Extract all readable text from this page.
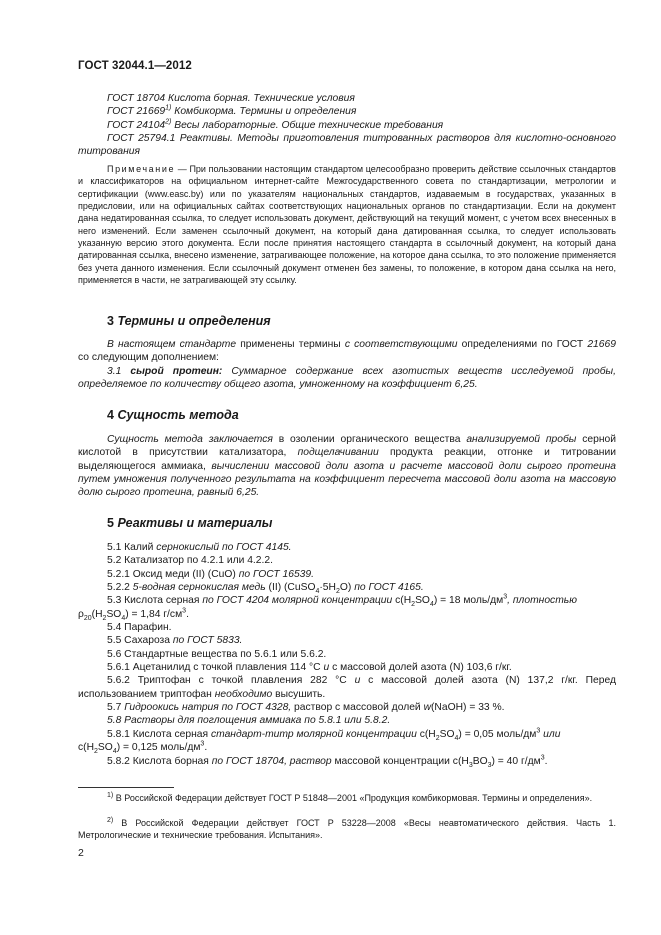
ГОСТ 32044.1—2012

ГОСТ 18704 Кислота борная. Технические условия

ГОСТ 21669$^{1)}$ Комбикорма. Термины и определения

ГОСТ 24104$^{2)}$ Весы лабораторные. Общие технические требования

ГОСТ 25794.1 Реактивы. Методы приготовления титрованных растворов для кислотно-основного титрования

Примечание — При пользовании настоящим стандартом целесообразно проверить действие ссылочных стандартов и классификаторов на официальном интернет-сайте Межгосударственного совета по стандартизации, метрологии и сертификации (www.easc.by) или по указателям национальных стандартов, издаваемым в государствах, указанных в предисловии, или на официальных сайтах соответствующих национальных органов по стандартизации. Если на документ дана недатированная ссылка, то следует использовать документ, действующий на текущий момент, с учетом всех внесенных в него изменений. Если заменен ссылочный документ, на который дана датированная ссылка, то следует использовать указанную версию этого документа. Если после принятия настоящего стандарта в ссылочный документ, на который дана датированная ссылка, внесено изменение, затрагивающее положение, на которое дана ссылка, то это положение применяется без учета данного изменения. Если ссылочный документ отменен без замены, то положение, в котором дана ссылка на него, применяется в части, не затрагивающей эту ссылку.
3 Термины и определения
В настоящем стандарте применены термины с соответствующими определениями по ГОСТ 21669 со следующим дополнением:
3.1 сырой протеин: Суммарное содержание всех азотистых веществ исследуемой пробы, определяемое по количеству общего азота, умноженному на коэффициент 6,25.
4 Сущность метода
Сущность метода заключается в озолении органического вещества анализируемой пробы серной кислотой в присутствии катализатора, подщелачивании продукта реакции, отгонке и титровании выделяющегося аммиака, вычислении массовой доли азота и расчете массовой доли сырого протеина путем умножения полученного результата на коэффициент пересчета массовой доли азота на массовую долю сырого протеина, равный 6,25.
5 Реактивы и материалы

5.1 Калий сернокислый по ГОСТ 4145.

5.2 Катализатор по 4.2.1 или 4.2.2.

5.2.1 Оксид меди (II) (CuO) по ГОСТ 16539.

5.2.2 5-водная сернокислая медь (II) $(CuSO_4\cdot 5H_2O)$ по ГОСТ 4165.

5.3 Кислота серная по ГОСТ 4204 молярной концентрации $c(H_2SO_4) = 18$ моль/$дм^3$, плотностью

$\rho_{20}(H_2SO_4) = 1,84$ $г/см^3$.

5.4 Парафин.

5.5 Сахароза по ГОСТ 5833.

5.6 Стандартные вещества по 5.6.1 или 5.6.2.

5.6.1 Ацетанилид с точкой плавления 114 °С и с массовой долей азота (N) 103,6 г/кг.

5.6.2 Триптофан с точкой плавления 282 °С и с массовой долей азота (N) 137,2 г/кг. Перед использованием триптофан необходимо высушить.

5.7 Гидроокись натрия по ГОСТ 4328, раствор с массовой долей w(NaOH) = 33 %.

5.8 Растворы для поглощения аммиака по 5.8.1 или 5.8.2.

5.8.1 Кислота серная стандарт-титр молярной концентрации $c(H_2SO_4) = 0,05$ моль/$дм^3$ или

$c(H_2SO_4) = 0,125$ моль/$дм^3$.

5.8.2 Кислота борная по ГОСТ 18704, раствор массовой концентрации $c(H_3BO_3) = 40$ $г/дм^3$.

$^{1)}$ В Российской Федерации действует ГОСТ Р 51848—2001 «Продукция комбикормовая. Термины и определения».
$^{2)}$ В Российской Федерации действует ГОСТ Р 53228—2008 «Весы неавтоматического действия. Часть 1. Метрологические и технические требования. Испытания».
2
